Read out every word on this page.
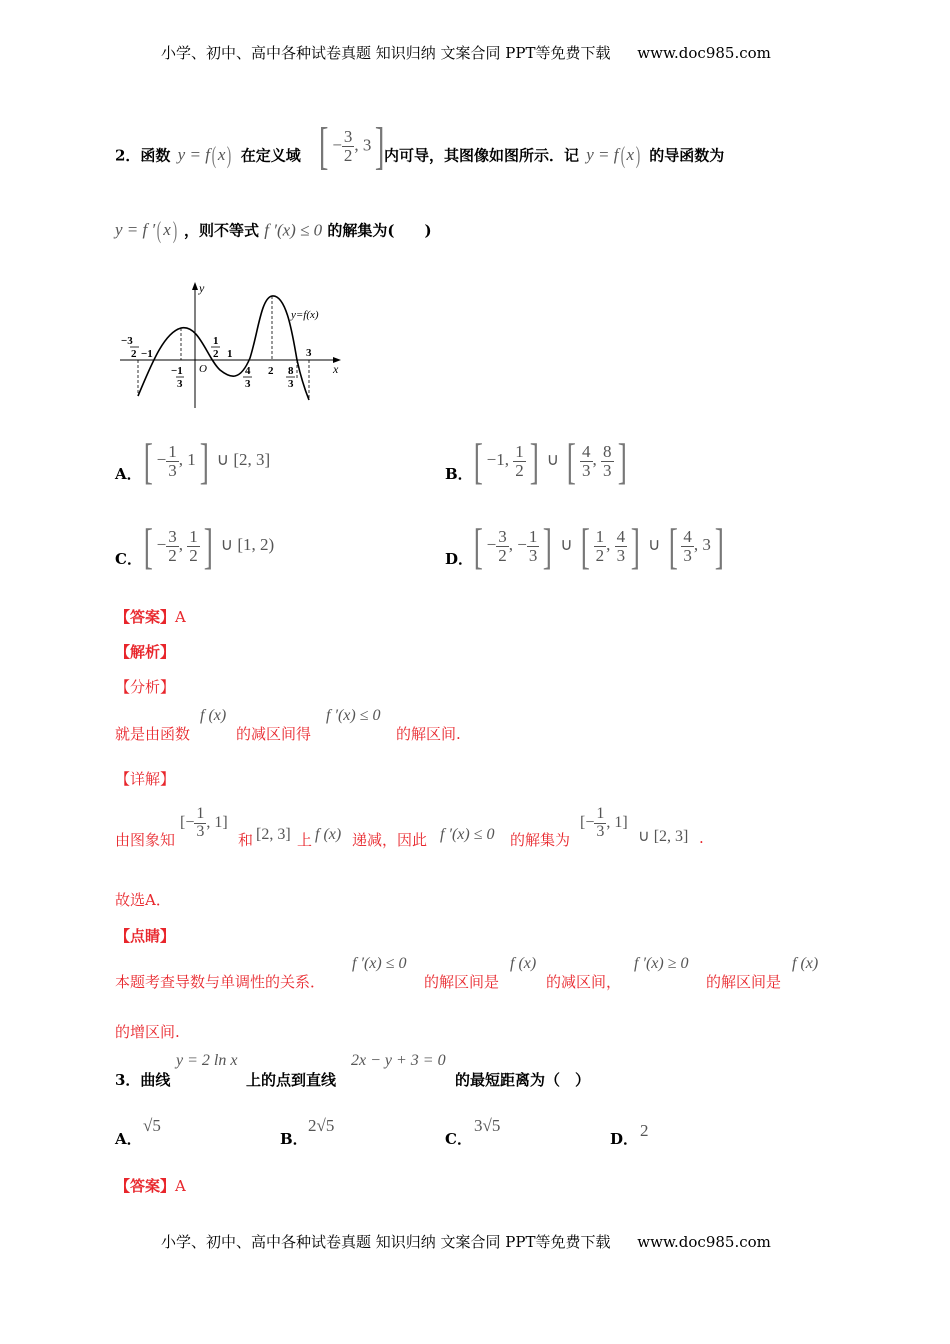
小学、初中、高中各种试卷真题 知识归纳 文案合同 PPT等免费下载 www.doc985.com
2．函数 y = f( x) 在定义域 [ − $\frac{3}{2}$ , 3] 内可导，其图像如图所示．记 y = f( x) 的导函数为
y = f ′( x) ，则不等式 f ′(x) ≤ 0 的解集为(　　)
y
x
O
y=f(x)
−3
2 −1
−1
3
1
2 1
4
3
2 8
3
3
A． [ − $\frac{1}{3}$ , 1] ∪ [2, 3]
B． [ −1, $\frac{1}{2}$ ] ∪ [ $\frac{4}{3}$ , $\frac{8}{3}$ ]
C． [ − $\frac{3}{2}$ , $\frac{1}{2}$ ] ∪ [1, 2)
D． [ − $\frac{3}{2}$ , − $\frac{1}{3}$ ] ∪ [ $\frac{1}{2}$ , $\frac{4}{3}$ ] ∪ [ $\frac{4}{3}$ , 3]
【答案】A
【解析】
【分析】
就是由函数
f (x)
的减区间得
f ′(x) ≤ 0
的解区间.
【详解】
由图象知
[− $\frac{1}{3}$ , 1]
和 [2, 3] 上 f (x) 递减，因此 f ′(x) ≤ 0 的解集为
[− $\frac{1}{3}$ , 1]
∪ [2, 3] .
故选A．
【点睛】
本题考查导数与单调性的关系．
f ′(x) ≤ 0
的解区间是
f (x)
的减区间，
f ′(x) ≥ 0
的解区间是
f (x)
的增区间.
3．曲线
y = 2 ln x
上的点到直线
2x − y + 3 = 0
的最短距离为（　）
A．
√5
B．
2√5
C．
3√5
D． 2
【答案】A
小学、初中、高中各种试卷真题 知识归纳 文案合同 PPT等免费下载 www.doc985.com
